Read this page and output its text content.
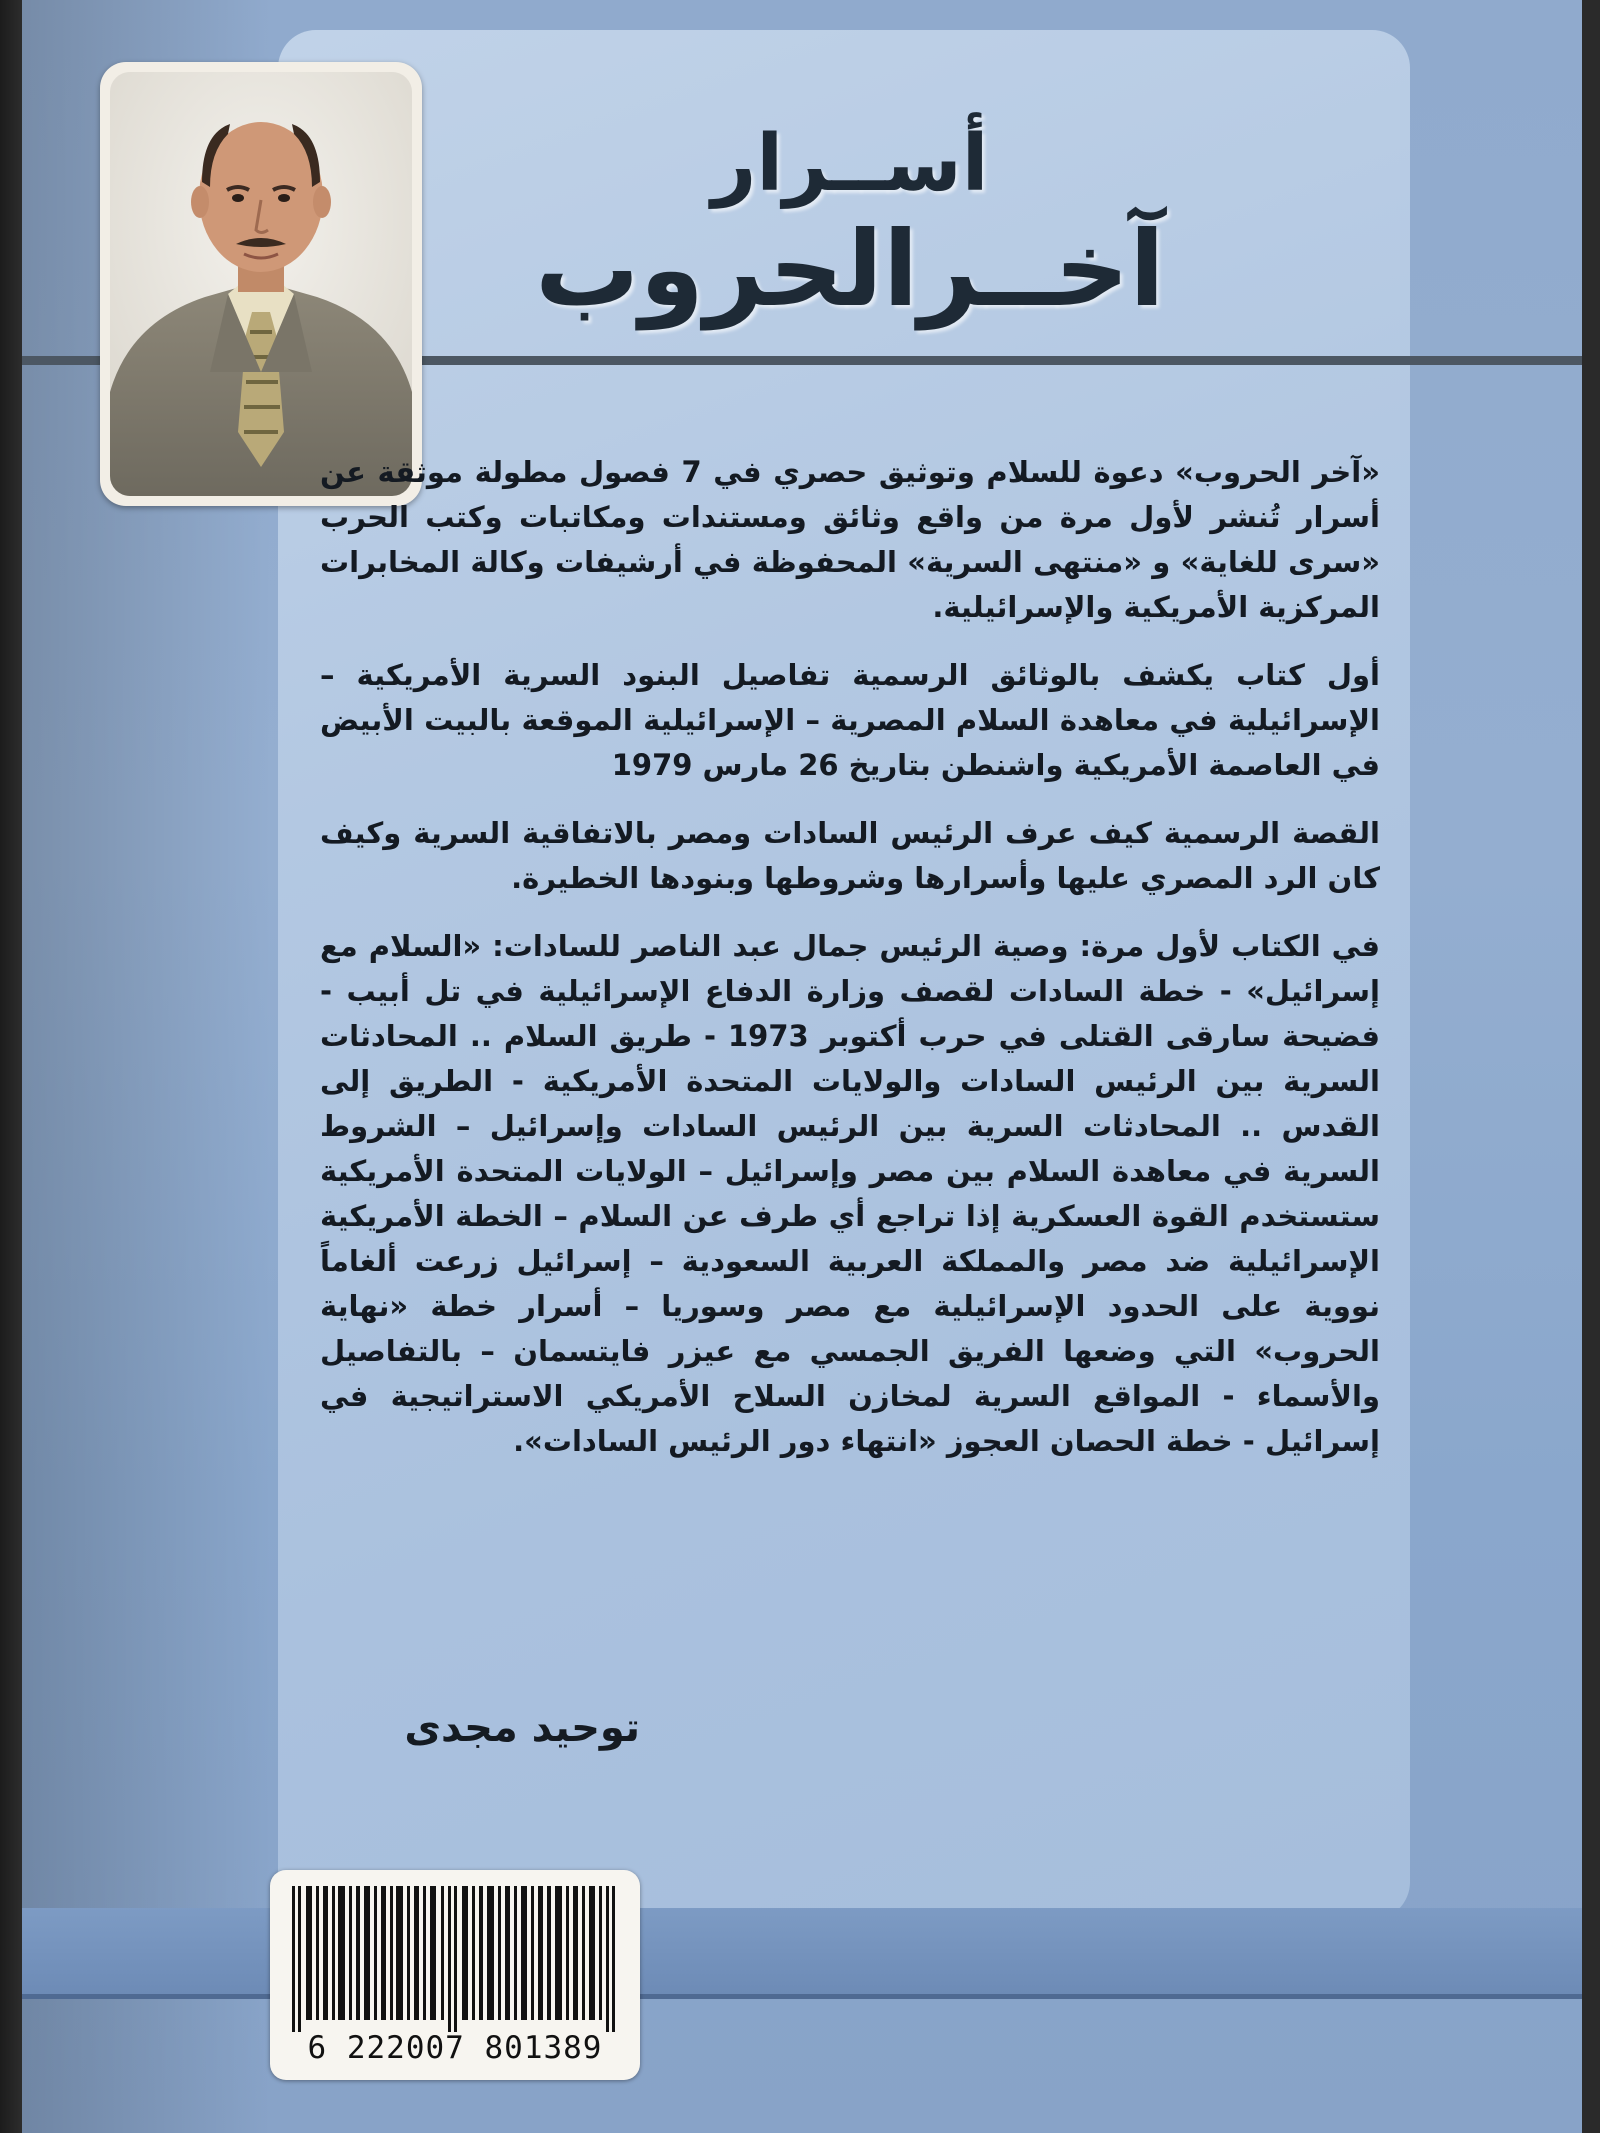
أســرار
آخــرالحروب

«آخر الحروب» دعوة للسلام وتوثيق حصري في 7 فصول مطولة موثقة عن أسرار تُنشر لأول مرة من واقع وثائق ومستندات ومكاتبات وكتب الحرب «سرى للغاية» و «منتهى السرية» المحفوظة في أرشيفات وكالة المخابرات المركزية الأمريكية والإسرائيلية.

أول كتاب يكشف بالوثائق الرسمية تفاصيل البنود السرية الأمريكية – الإسرائيلية في معاهدة السلام المصرية – الإسرائيلية الموقعة بالبيت الأبيض في العاصمة الأمريكية واشنطن بتاريخ 26 مارس 1979

القصة الرسمية كيف عرف الرئيس السادات ومصر بالاتفاقية السرية وكيف كان الرد المصري عليها وأسرارها وشروطها وبنودها الخطيرة.

في الكتاب لأول مرة: وصية الرئيس جمال عبد الناصر للسادات: «السلام مع إسرائيل» - خطة السادات لقصف وزارة الدفاع الإسرائيلية في تل أبيب - فضيحة سارقى القتلى في حرب أكتوبر 1973 - طريق السلام .. المحادثات السرية بين الرئيس السادات والولايات المتحدة الأمريكية - الطريق إلى القدس .. المحادثات السرية بين الرئيس السادات وإسرائيل – الشروط السرية في معاهدة السلام بين مصر وإسرائيل – الولايات المتحدة الأمريكية ستستخدم القوة العسكرية إذا تراجع أي طرف عن السلام – الخطة الأمريكية الإسرائيلية ضد مصر والمملكة العربية السعودية – إسرائيل زرعت ألغاماً نووية على الحدود الإسرائيلية مع مصر وسوريا – أسرار خطة «نهاية الحروب» التي وضعها الفريق الجمسي مع عيزر فايتسمان – بالتفاصيل والأسماء - المواقع السرية لمخازن السلاح الأمريكي الاستراتيجية في إسرائيل - خطة الحصان العجوز «انتهاء دور الرئيس السادات».

توحيد مجدى
6 222007 801389
